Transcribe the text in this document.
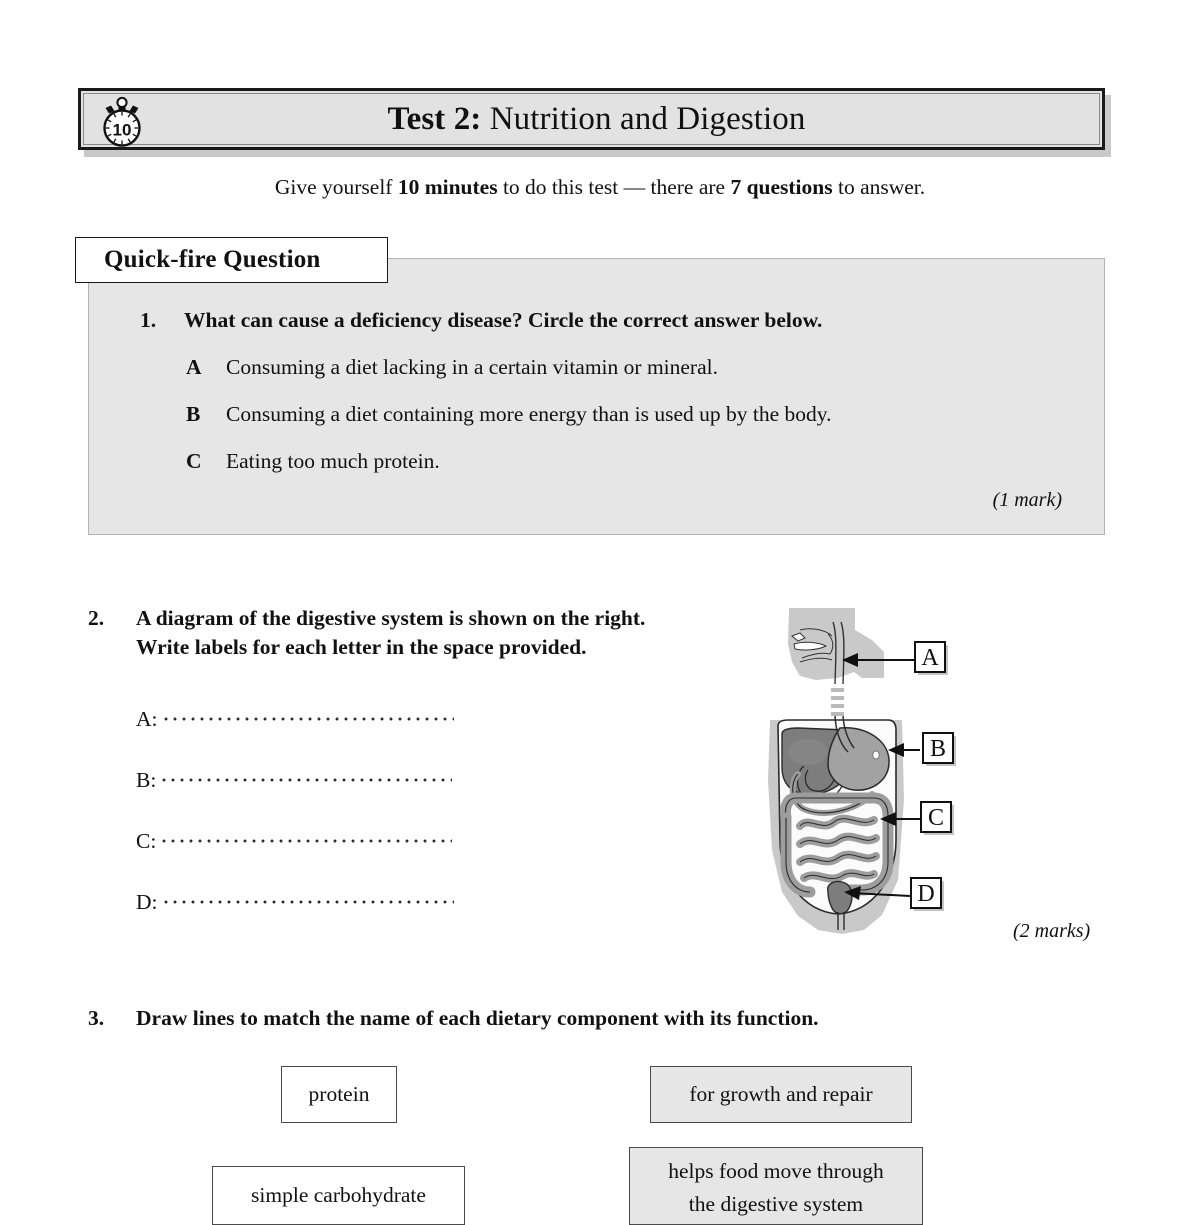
10	Test 2: Nutrition and Digestion
Give yourself 10 minutes to do this test — there are 7 questions to answer.
(1 mark)
Quick-fire Question
1.	What can cause a deficiency disease? Circle the correct answer below.
A	Consuming a diet lacking in a certain vitamin or mineral.
B	Consuming a diet containing more energy than is used up by the body.
C	Eating too much protein.
2.	A diagram of the digestive system is shown on the right.
Write labels for each letter in the space provided.
A:
B:
C:
D:
(2 marks)
A
B
C
D
3.	Draw lines to match the name of each dietary component with its function.
protein
simple carbohydrate
for growth and repair
helps food move through
the digestive system
